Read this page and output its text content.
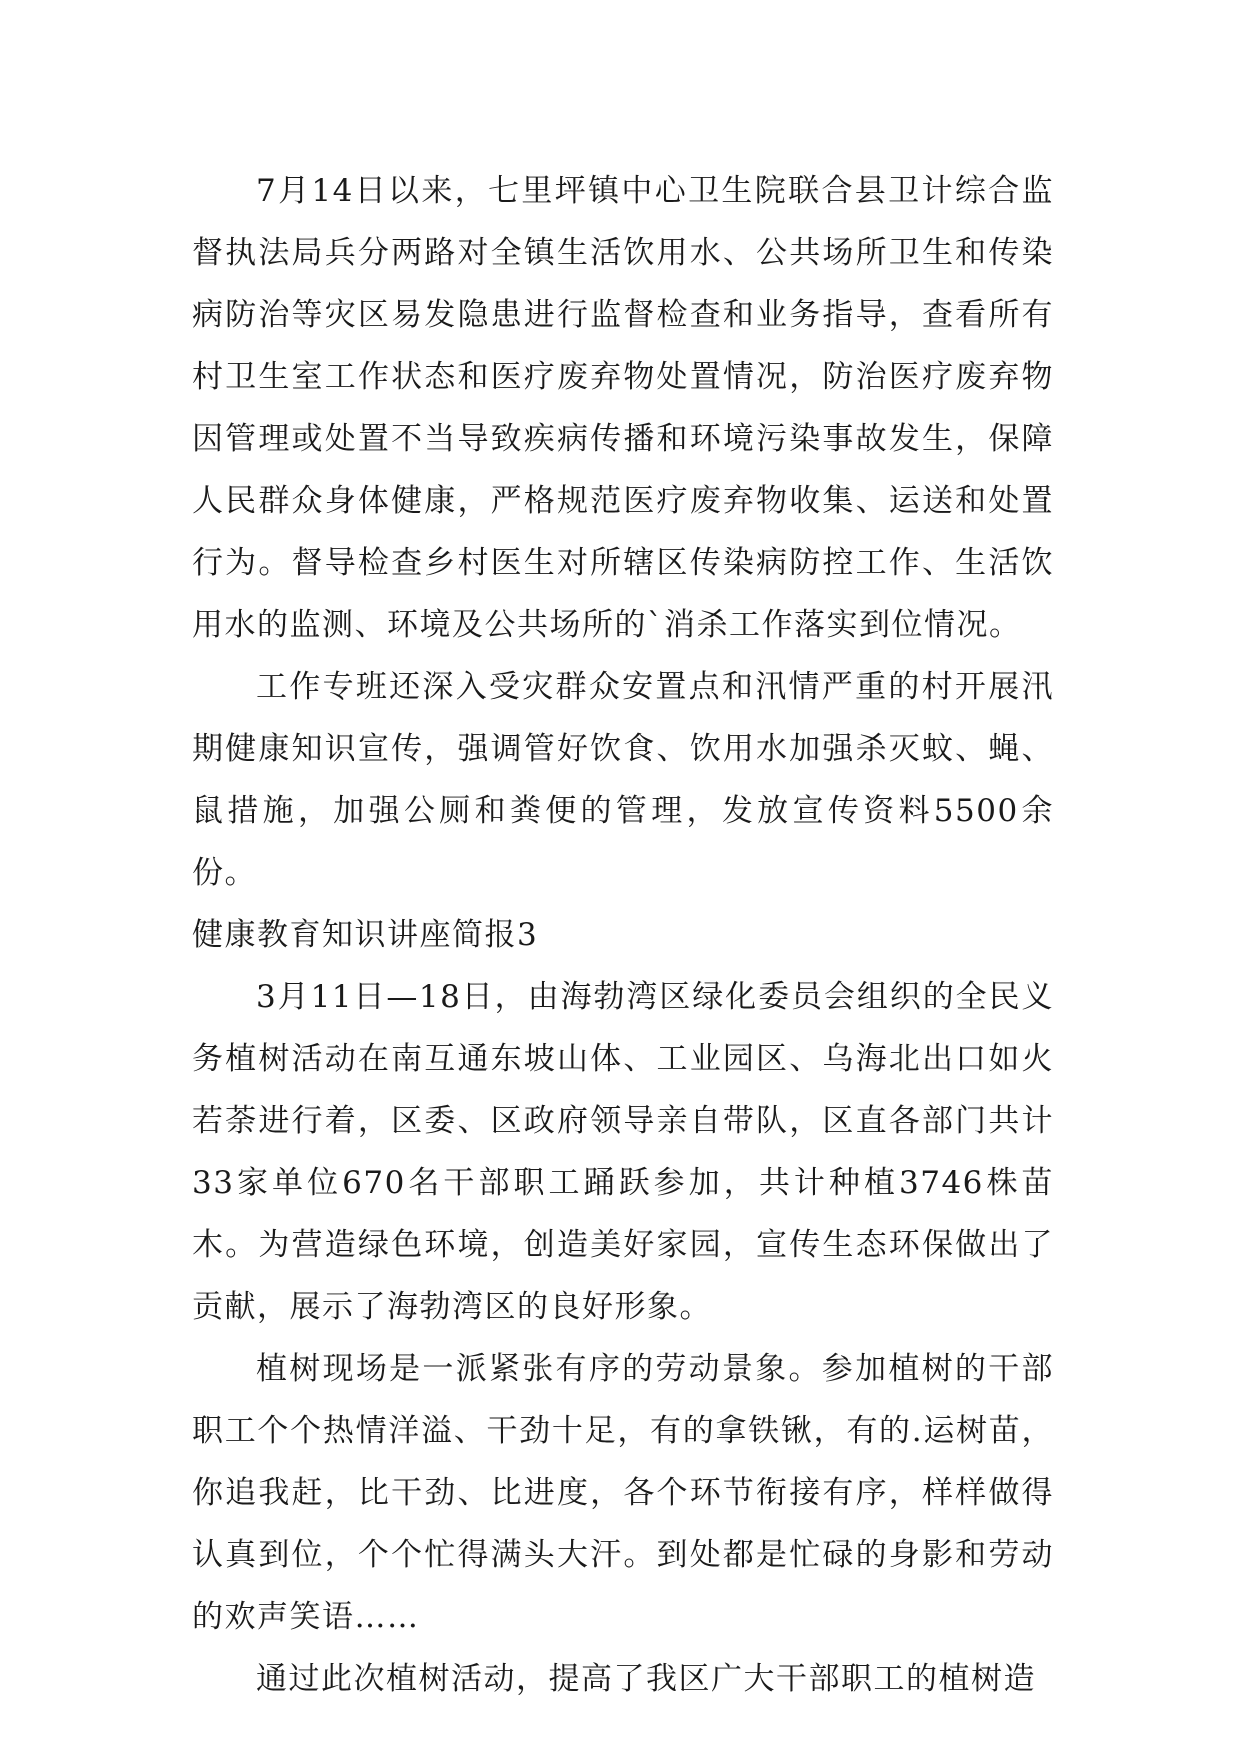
7月14日以来，七里坪镇中心卫生院联合县卫计综合监督执法局兵分两路对全镇生活饮用水、公共场所卫生和传染病防治等灾区易发隐患进行监督检查和业务指导，查看所有村卫生室工作状态和医疗废弃物处置情况，防治医疗废弃物因管理或处置不当导致疾病传播和环境污染事故发生，保障人民群众身体健康，严格规范医疗废弃物收集、运送和处置行为。督导检查乡村医生对所辖区传染病防控工作、生活饮用水的监测、环境及公共场所的`消杀工作落实到位情况。

工作专班还深入受灾群众安置点和汛情严重的村开展汛期健康知识宣传，强调管好饮食、饮用水加强杀灭蚊、蝇、鼠措施，加强公厕和粪便的管理，发放宣传资料5500余份。

健康教育知识讲座简报3

3月11日—18日，由海勃湾区绿化委员会组织的全民义务植树活动在南互通东坡山体、工业园区、乌海北出口如火若荼进行着，区委、区政府领导亲自带队，区直各部门共计33家单位670名干部职工踊跃参加，共计种植3746株苗木。为营造绿色环境，创造美好家园，宣传生态环保做出了贡献，展示了海勃湾区的良好形象。

植树现场是一派紧张有序的劳动景象。参加植树的干部职工个个热情洋溢、干劲十足，有的拿铁锹，有的.运树苗，你追我赶，比干劲、比进度，各个环节衔接有序，样样做得认真到位，个个忙得满头大汗。到处都是忙碌的身影和劳动的欢声笑语……

通过此次植树活动，提高了我区广大干部职工的植树造
